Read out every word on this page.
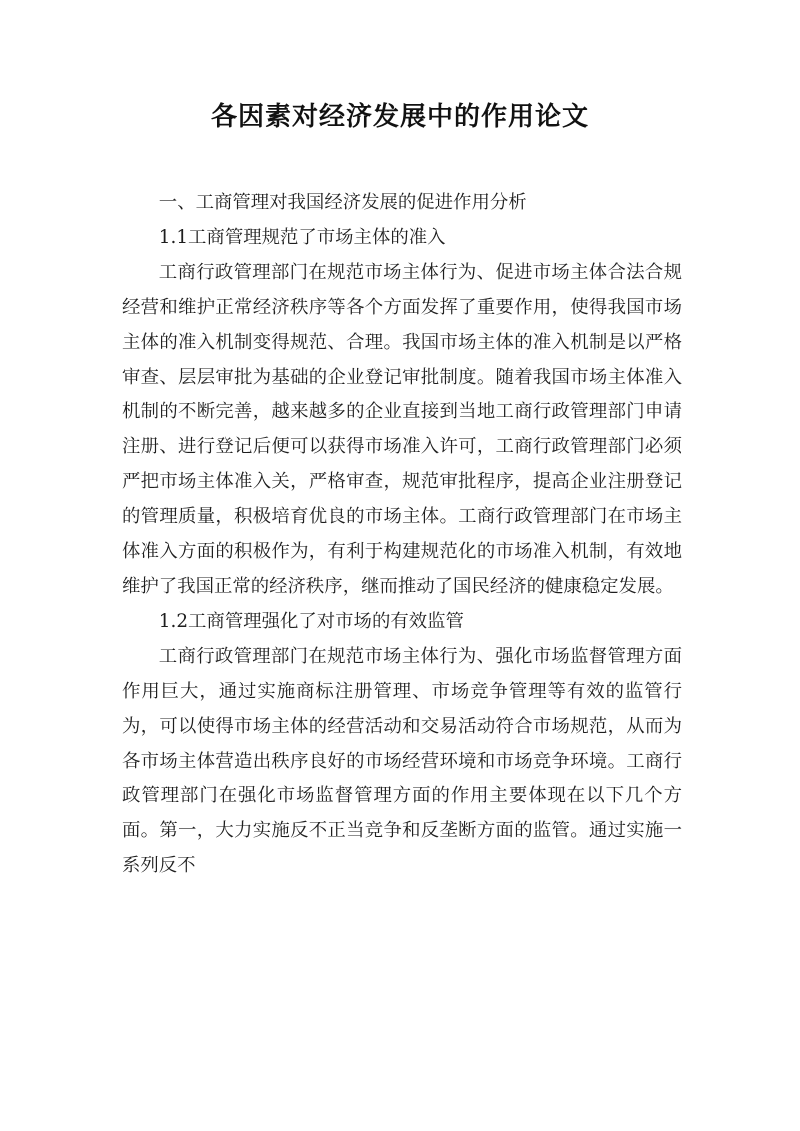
各因素对经济发展中的作用论文

一、工商管理对我国经济发展的促进作用分析

1.1工商管理规范了市场主体的准入

工商行政管理部门在规范市场主体行为、促进市场主体合法合规经营和维护正常经济秩序等各个方面发挥了重要作用，使得我国市场主体的准入机制变得规范、合理。我国市场主体的准入机制是以严格审查、层层审批为基础的企业登记审批制度。随着我国市场主体准入机制的不断完善，越来越多的企业直接到当地工商行政管理部门申请注册、进行登记后便可以获得市场准入许可，工商行政管理部门必须严把市场主体准入关，严格审查，规范审批程序，提高企业注册登记的管理质量，积极培育优良的市场主体。工商行政管理部门在市场主体准入方面的积极作为，有利于构建规范化的市场准入机制，有效地维护了我国正常的经济秩序，继而推动了国民经济的健康稳定发展。

1.2工商管理强化了对市场的有效监管

工商行政管理部门在规范市场主体行为、强化市场监督管理方面作用巨大，通过实施商标注册管理、市场竞争管理等有效的监管行为，可以使得市场主体的经营活动和交易活动符合市场规范，从而为各市场主体营造出秩序良好的市场经营环境和市场竞争环境。工商行政管理部门在强化市场监督管理方面的作用主要体现在以下几个方面。第一，大力实施反不正当竞争和反垄断方面的监管。通过实施一系列反不
